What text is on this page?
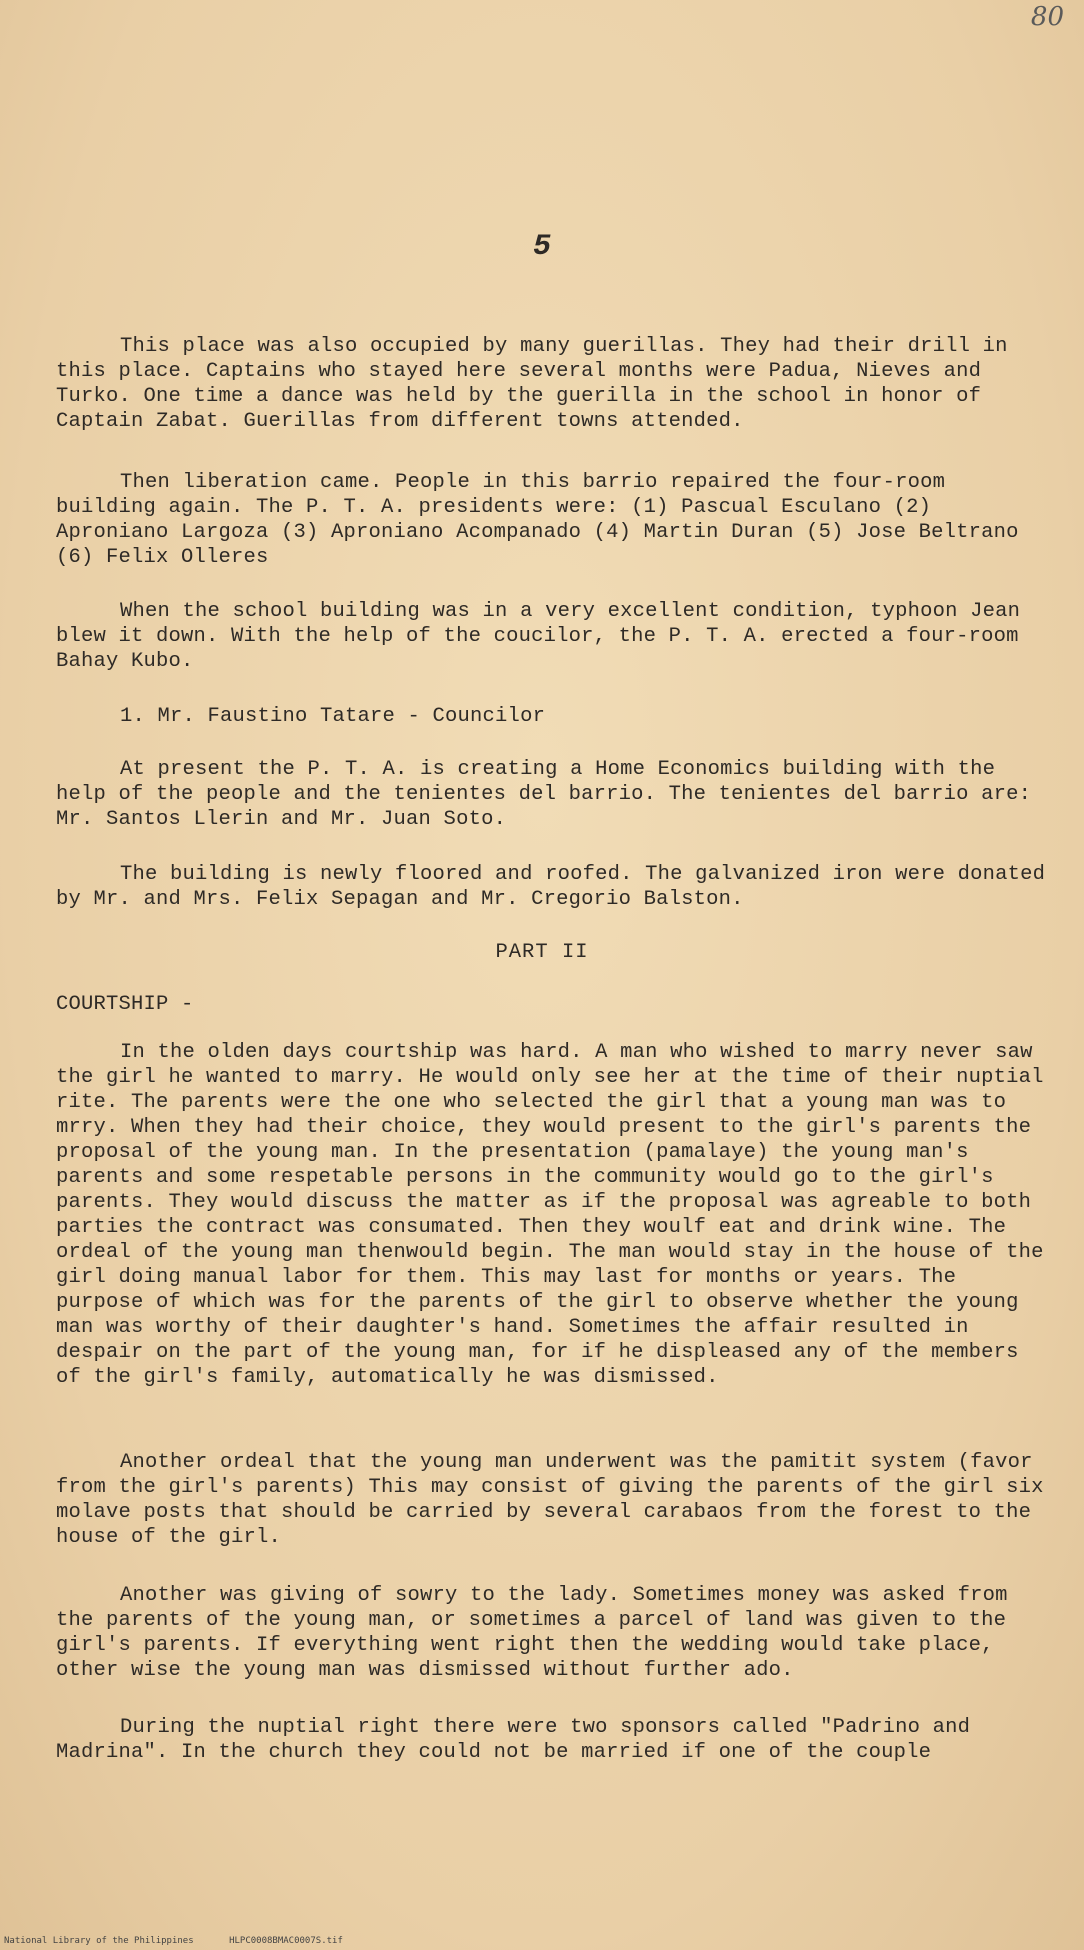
80
5

This place was also occupied by many guerillas. They had their drill in this place. Captains who stayed here several months were Padua, Nieves and Turko. One time a dance was held by the guerilla in the school in honor of Captain Zabat. Guerillas from different towns attended.

Then liberation came. People in this barrio repaired the four-room building again. The P. T. A. presidents were: (1) Pascual Esculano (2) Aproniano Largoza (3) Aproniano Acompanado (4) Martin Duran (5) Jose Beltrano (6) Felix Olleres

When the school building was in a very excellent condition, typhoon Jean blew it down. With the help of the coucilor, the P. T. A. erected a four-room Bahay Kubo.

1. Mr. Faustino Tatare - Councilor

At present the P. T. A. is creating a Home Economics building with the help of the people and the tenientes del barrio. The tenientes del barrio are: Mr. Santos Llerin and Mr. Juan Soto.

The building is newly floored and roofed. The galvanized iron were donated by Mr. and Mrs. Felix Sepagan and Mr. Cregorio Balston.

PART II
COURTSHIP -

In the olden days courtship was hard. A man who wished to marry never saw the girl he wanted to marry. He would only see her at the time of their nuptial rite. The parents were the one who selected the girl that a young man was to mrry. When they had their choice, they would present to the girl's parents the proposal of the young man. In the presentation (pamalaye) the young man's parents and some respetable persons in the community would go to the girl's parents. They would discuss the matter as if the proposal was agreable to both parties the contract was consumated. Then they woulf eat and drink wine. The ordeal of the young man thenwould begin. The man would stay in the house of the girl doing manual labor for them. This may last for months or years. The purpose of which was for the parents of the girl to observe whether the young man was worthy of their daughter's hand. Sometimes the affair resulted in despair on the part of the young man, for if he displeased any of the members of the girl's family, automatically he was dismissed.

Another ordeal that the young man underwent was the pamitit system (favor from the girl's parents) This may consist of giving the parents of the girl six molave posts that should be carried by several carabaos from the forest to the house of the girl.

Another was giving of sowry to the lady. Sometimes money was asked from the parents of the young man, or sometimes a parcel of land was given to the girl's parents. If everything went right then the wedding would take place, other wise the young man was dismissed without further ado.

During the nuptial right there were two sponsors called "Padrino and Madrina". In the church they could not be married if one of the couple

National Library of the Philippines	HLPC0008BMAC0007S.tif
